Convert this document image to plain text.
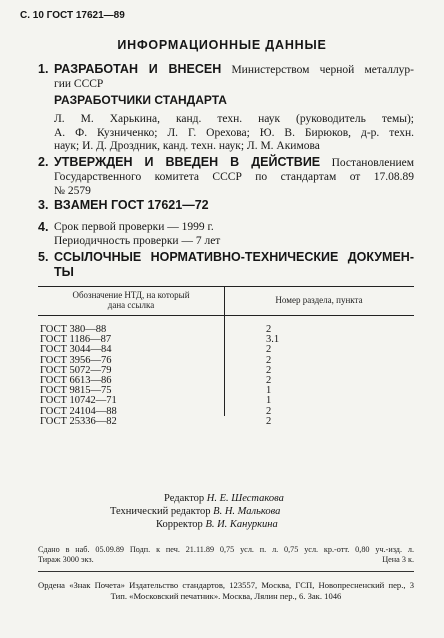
С. 10 ГОСТ 17621—89
ИНФОРМАЦИОННЫЕ ДАННЫЕ
1. РАЗРАБОТАН И ВНЕСЕН Министерством черной металлур-
гии СССР
РАЗРАБОТЧИКИ СТАНДАРТА
Л. М. Харькина, канд. техн. наук (руководитель темы);
А. Ф. Кузниченко; Л. Г. Орехова; Ю. В. Бирюков, д-р. техн.
наук; И. Д. Дроздник, канд. техн. наук; Л. М. Акимова
2. УТВЕРЖДЕН И ВВЕДЕН В ДЕЙСТВИЕ Постановлением
Государственного комитета СССР по стандартам от 17.08.89
№ 2579
3. ВЗАМЕН ГОСТ 17621—72
4. Срок первой проверки — 1999 г.
Периодичность проверки — 7 лет
5. ССЫЛОЧНЫЕ НОРМАТИВНО-ТЕХНИЧЕСКИЕ ДОКУМЕН-
ТЫ
Обозначение НТД, на который
дана ссылка	Номер раздела, пункта
ГОСТ 380—88	2
ГОСТ 1186—87	3.1
ГОСТ 3044—84	2
ГОСТ 3956—76	2
ГОСТ 5072—79	2
ГОСТ 6613—86	2
ГОСТ 9815—75	1
ГОСТ 10742—71	1
ГОСТ 24104—88	2
ГОСТ 25336—82	2
Редактор Н. Е. Шестакова
Технический редактор В. Н. Малькова
Корректор В. И. Кануркина
Сдано в наб. 05.09.89 Подп. к печ. 21.11.89 0,75 усл. п. л. 0,75 усл. кр.-отт. 0,80 уч.-изд. л.
Тираж 3000 экз.	Цена 3 к.
Ордена «Знак Почета» Издательство стандартов, 123557, Москва, ГСП, Новопресненский пер., 3
Тип. «Московский печатник». Москва, Лялин пер., 6. Зак. 1046
